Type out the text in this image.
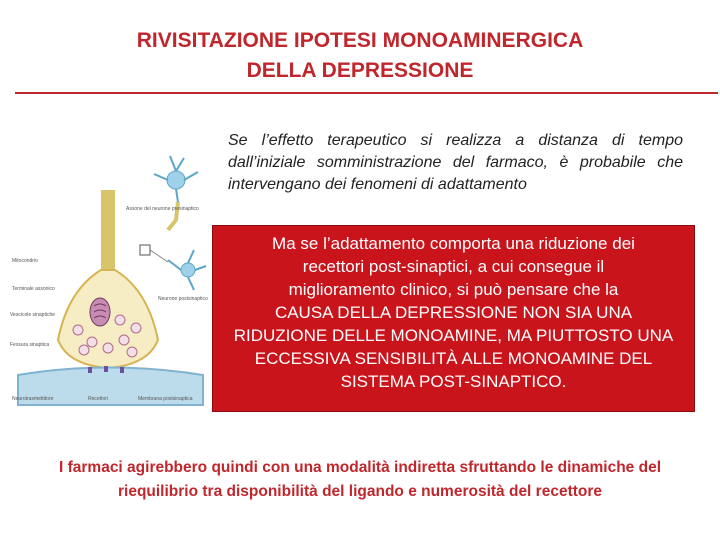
RIVISITAZIONE IPOTESI MONOAMINERGICA
DELLA DEPRESSIONE
Se l’effetto terapeutico si realizza a distanza di tempo dall’iniziale somministrazione del farmaco, è probabile che intervengano dei fenomeni di adattamento
Assone del neurone presinaptico
Mitocondrio
Terminale assonico
Vescicole sinaptiche
Fessura sinaptica
Neurone postsinaptico
Neurotrasmettitore	Recettori	Membrana postsinaptica
Ma se l’adattamento comporta una riduzione dei
recettori post-sinaptici, a cui consegue il
miglioramento clinico, si può pensare che la
CAUSA DELLA DEPRESSIONE NON SIA UNA
RIDUZIONE DELLE MONOAMINE, MA PIUTTOSTO UNA
ECCESSIVA SENSIBILITÀ ALLE MONOAMINE DEL
SISTEMA POST-SINAPTICO.
I farmaci agirebbero quindi con una modalità indiretta sfruttando le dinamiche del
riequilibrio tra disponibilità del ligando e numerosità del recettore
